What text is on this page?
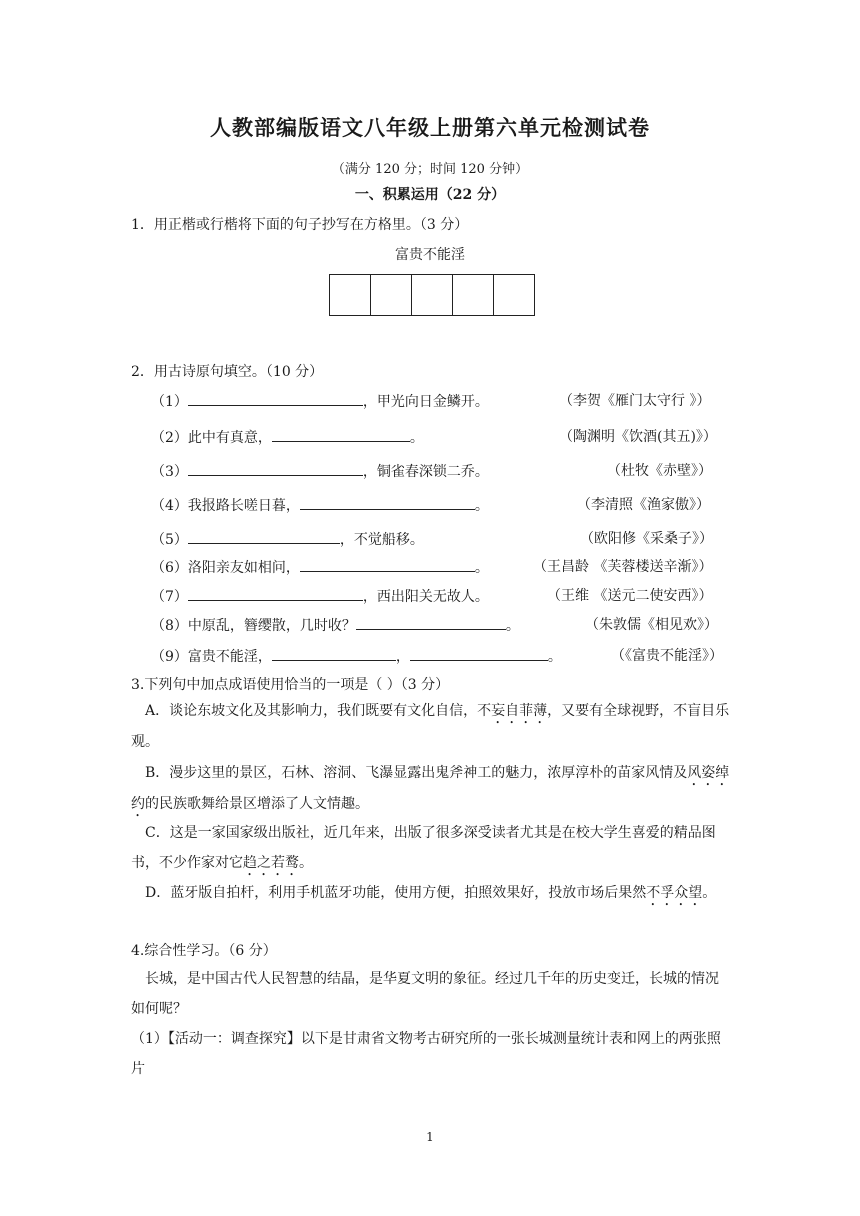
人教部编版语文八年级上册第六单元检测试卷
（满分 120 分；时间 120 分钟）
一、积累运用（22 分）
1．用正楷或行楷将下面的句子抄写在方格里。（3 分）
富贵不能淫
2．用古诗原句填空。（10 分）
（1）	，甲光向日金鳞开。	（李贺《雁门太守行 》）
（2）此中有真意，	。	（陶渊明《饮酒(其五)》）
（3）	，铜雀春深锁二乔。	（杜牧《赤壁》）
（4）我报路长嗟日暮，	。	（李清照《渔家傲》）
（5）	，不觉船移。	（欧阳修《采桑子》）
（6）洛阳亲友如相问，	。	（王昌龄 《芙蓉楼送辛渐》）
（7）	，西出阳关无故人。	（王维 《送元二使安西》）
（8）中原乱，簪缨散，几时收？	。	（朱敦儒《相见欢》）
（9）富贵不能淫，	，	。	（《富贵不能淫》）
3.下列句中加点成语使用恰当的一项是（ ）（3 分）
A．谈论东坡文化及其影响力，我们既要有文化自信，不妄自菲薄，又要有全球视野，不盲目乐观。
B．漫步这里的景区，石林、溶洞、飞瀑显露出鬼斧神工的魅力，浓厚淳朴的苗家风情及风姿绰约的民族歌舞给景区增添了人文情趣。
C．这是一家国家级出版社，近几年来，出版了很多深受读者尤其是在校大学生喜爱的精品图书，不少作家对它趋之若鹜。
D．蓝牙版自拍杆，利用手机蓝牙功能，使用方便，拍照效果好，投放市场后果然不孚众望。
4.综合性学习。（6 分）
长城，是中国古代人民智慧的结晶，是华夏文明的象征。经过几千年的历史变迁，长城的情况如何呢？
（1）【活动一：调查探究】以下是甘肃省文物考古研究所的一张长城测量统计表和网上的两张照片
1
